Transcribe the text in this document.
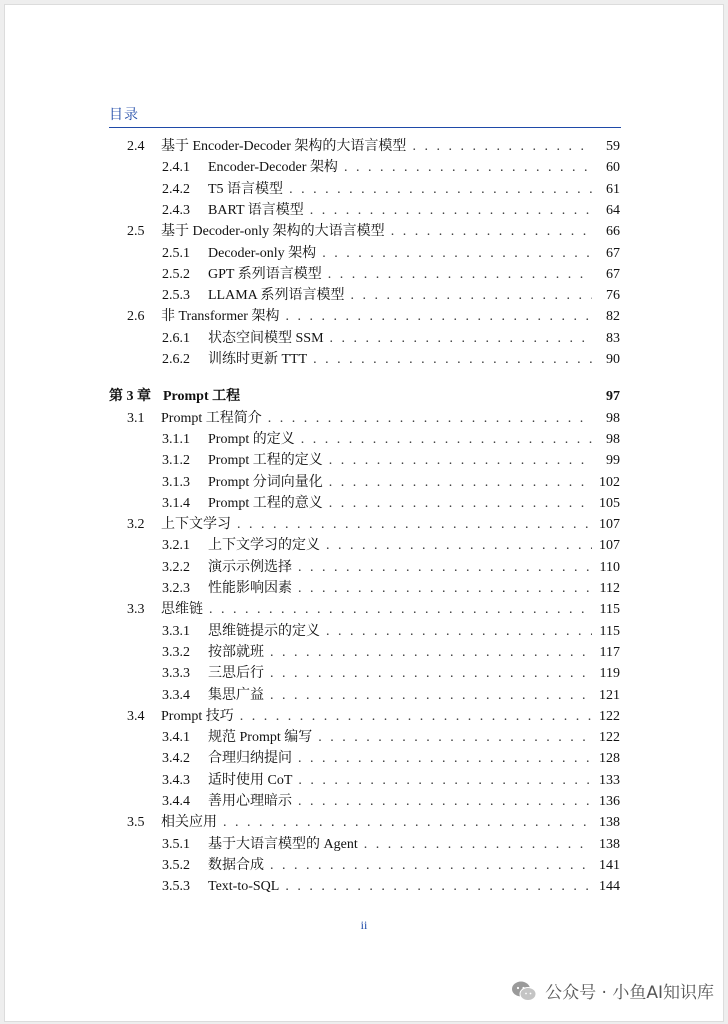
目录
2.4	基于 Encoder-Decoder 架构的大语言模型 . . .	59
2.4.1	Encoder-Decoder 架构 . . .	60
2.4.2	T5 语言模型 . . .	61
2.4.3	BART 语言模型 . . .	64
2.5	基于 Decoder-only 架构的大语言模型 . . .	66
2.5.1	Decoder-only 架构 . . .	67
2.5.2	GPT 系列语言模型 . . .	67
2.5.3	LLAMA 系列语言模型 . . .	76
2.6	非 Transformer 架构 . . .	82
2.6.1	状态空间模型 SSM . . .	83
2.6.2	训练时更新 TTT . . .	90
第 3 章 Prompt 工程	97
3.1	Prompt 工程简介 . . .	98
3.1.1	Prompt 的定义 . . .	98
3.1.2	Prompt 工程的定义 . . .	99
3.1.3	Prompt 分词向量化 . . .	102
3.1.4	Prompt 工程的意义 . . .	105
3.2	上下文学习 . . .	107
3.2.1	上下文学习的定义 . . .	107
3.2.2	演示示例选择 . . .	110
3.2.3	性能影响因素 . . .	112
3.3	思维链 . . .	115
3.3.1	思维链提示的定义 . . .	115
3.3.2	按部就班 . . .	117
3.3.3	三思后行 . . .	119
3.3.4	集思广益 . . .	121
3.4	Prompt 技巧 . . .	122
3.4.1	规范 Prompt 编写 . . .	122
3.4.2	合理归纳提问 . . .	128
3.4.3	适时使用 CoT . . .	133
3.4.4	善用心理暗示 . . .	136
3.5	相关应用 . . .	138
3.5.1	基于大语言模型的 Agent . . .	138
3.5.2	数据合成 . . .	141
3.5.3	Text-to-SQL . . .	144
ii
公众号 · 小鱼AI知识库
